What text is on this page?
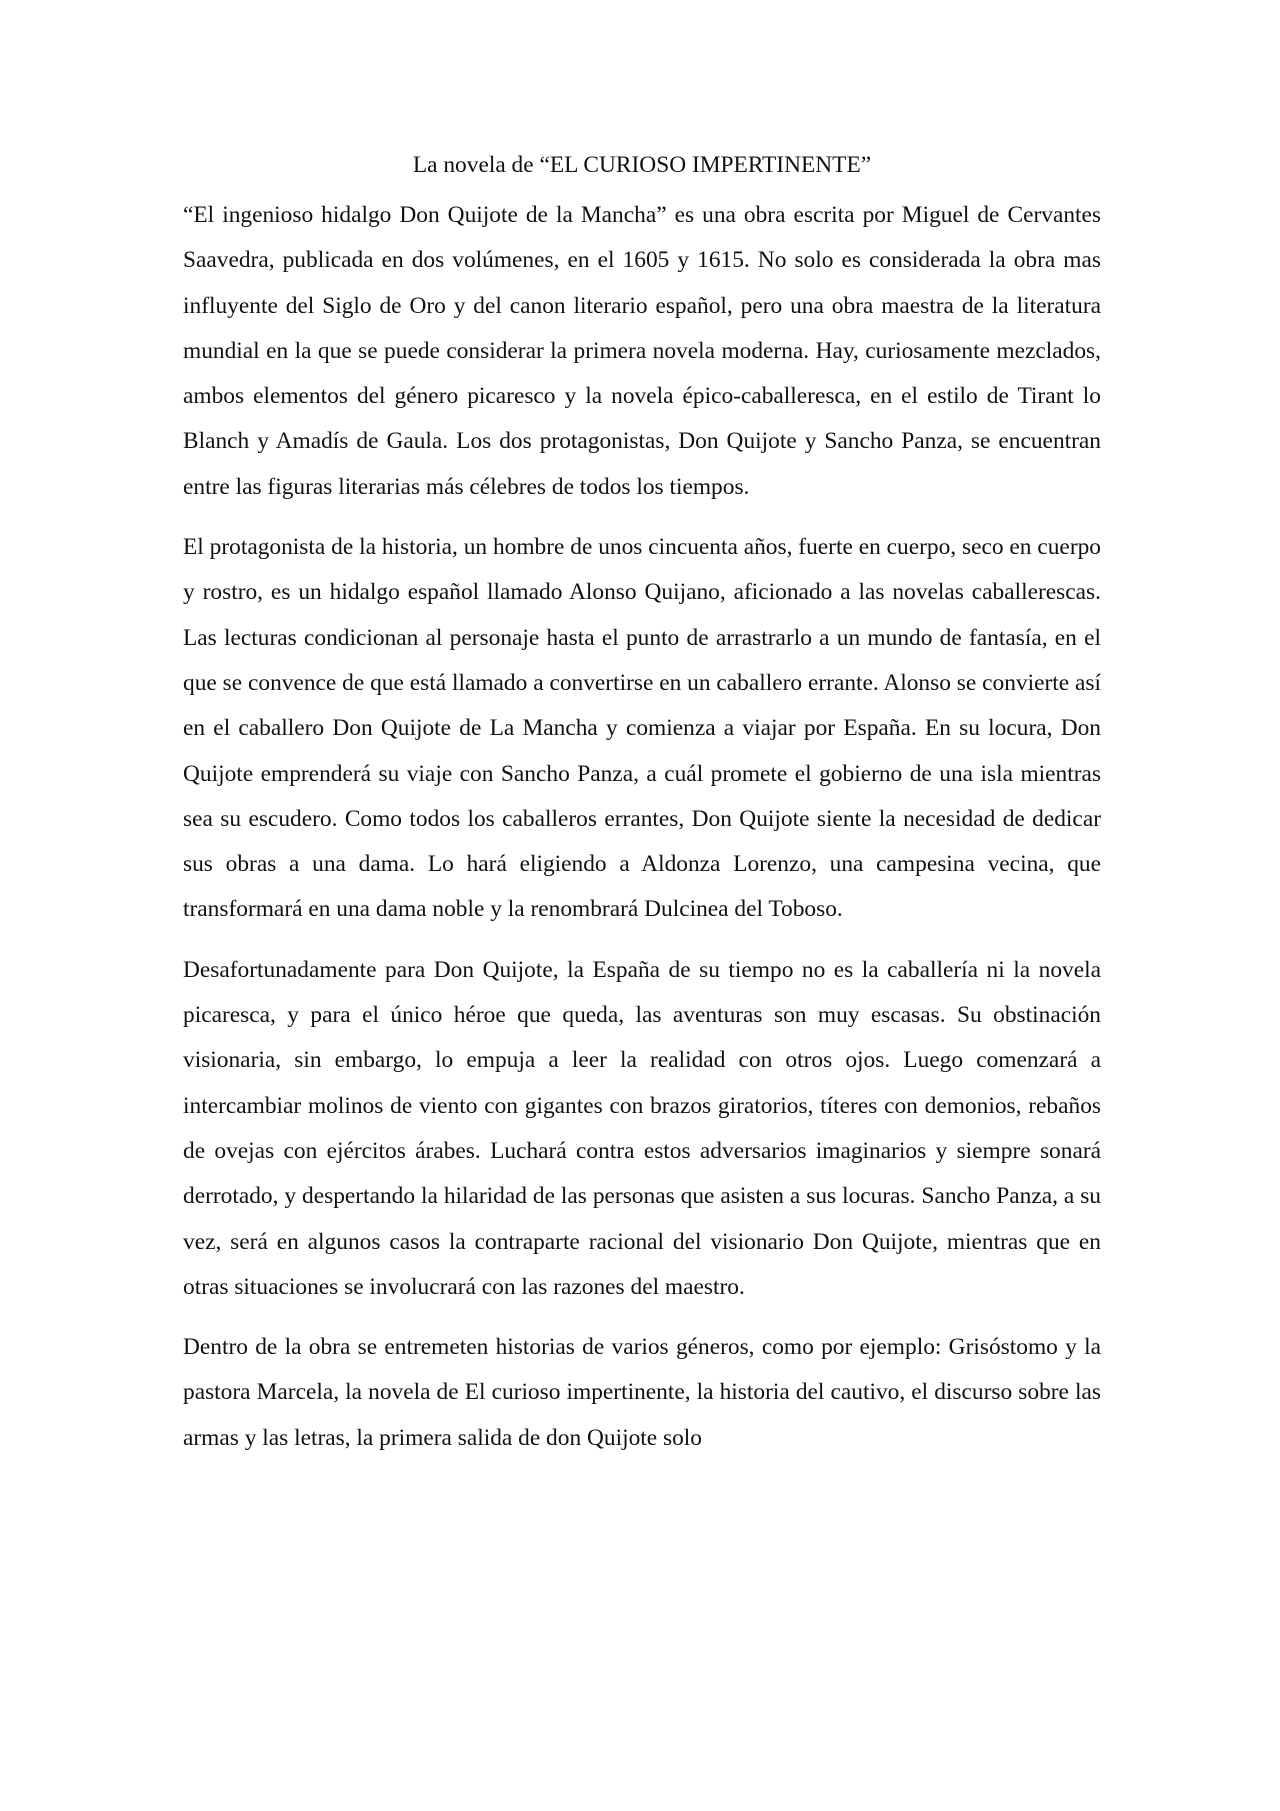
La novela de “EL CURIOSO IMPERTINENTE”

“El ingenioso hidalgo Don Quijote de la Mancha” es una obra escrita por Miguel de Cervantes Saavedra, publicada en dos volúmenes, en el 1605 y 1615. No solo es considerada la obra mas influyente del Siglo de Oro y del canon literario español, pero una obra maestra de la literatura mundial en la que se puede considerar la primera novela moderna. Hay, curiosamente mezclados, ambos elementos del género picaresco y la novela épico-caballeresca, en el estilo de Tirant lo Blanch y Amadís de Gaula. Los dos protagonistas, Don Quijote y Sancho Panza, se encuentran entre las figuras literarias más célebres de todos los tiempos.

El protagonista de la historia, un hombre de unos cincuenta años, fuerte en cuerpo, seco en cuerpo y rostro, es un hidalgo español llamado Alonso Quijano, aficionado a las novelas caballerescas. Las lecturas condicionan al personaje hasta el punto de arrastrarlo a un mundo de fantasía, en el que se convence de que está llamado a convertirse en un caballero errante. Alonso se convierte así en el caballero Don Quijote de La Mancha y comienza a viajar por España. En su locura, Don Quijote emprenderá su viaje con Sancho Panza, a cuál promete el gobierno de una isla mientras sea su escudero. Como todos los caballeros errantes, Don Quijote siente la necesidad de dedicar sus obras a una dama. Lo hará eligiendo a Aldonza Lorenzo, una campesina vecina, que transformará en una dama noble y la renombrará Dulcinea del Toboso.

Desafortunadamente para Don Quijote, la España de su tiempo no es la caballería ni la novela picaresca, y para el único héroe que queda, las aventuras son muy escasas. Su obstinación visionaria, sin embargo, lo empuja a leer la realidad con otros ojos. Luego comenzará a intercambiar molinos de viento con gigantes con brazos giratorios, títeres con demonios, rebaños de ovejas con ejércitos árabes. Luchará contra estos adversarios imaginarios y siempre sonará derrotado, y despertando la hilaridad de las personas que asisten a sus locuras. Sancho Panza, a su vez, será en algunos casos la contraparte racional del visionario Don Quijote, mientras que en otras situaciones se involucrará con las razones del maestro.

Dentro de la obra se entremeten historias de varios géneros, como por ejemplo: Grisóstomo y la pastora Marcela, la novela de El curioso impertinente, la historia del cautivo, el discurso sobre las armas y las letras, la primera salida de don Quijote solo
